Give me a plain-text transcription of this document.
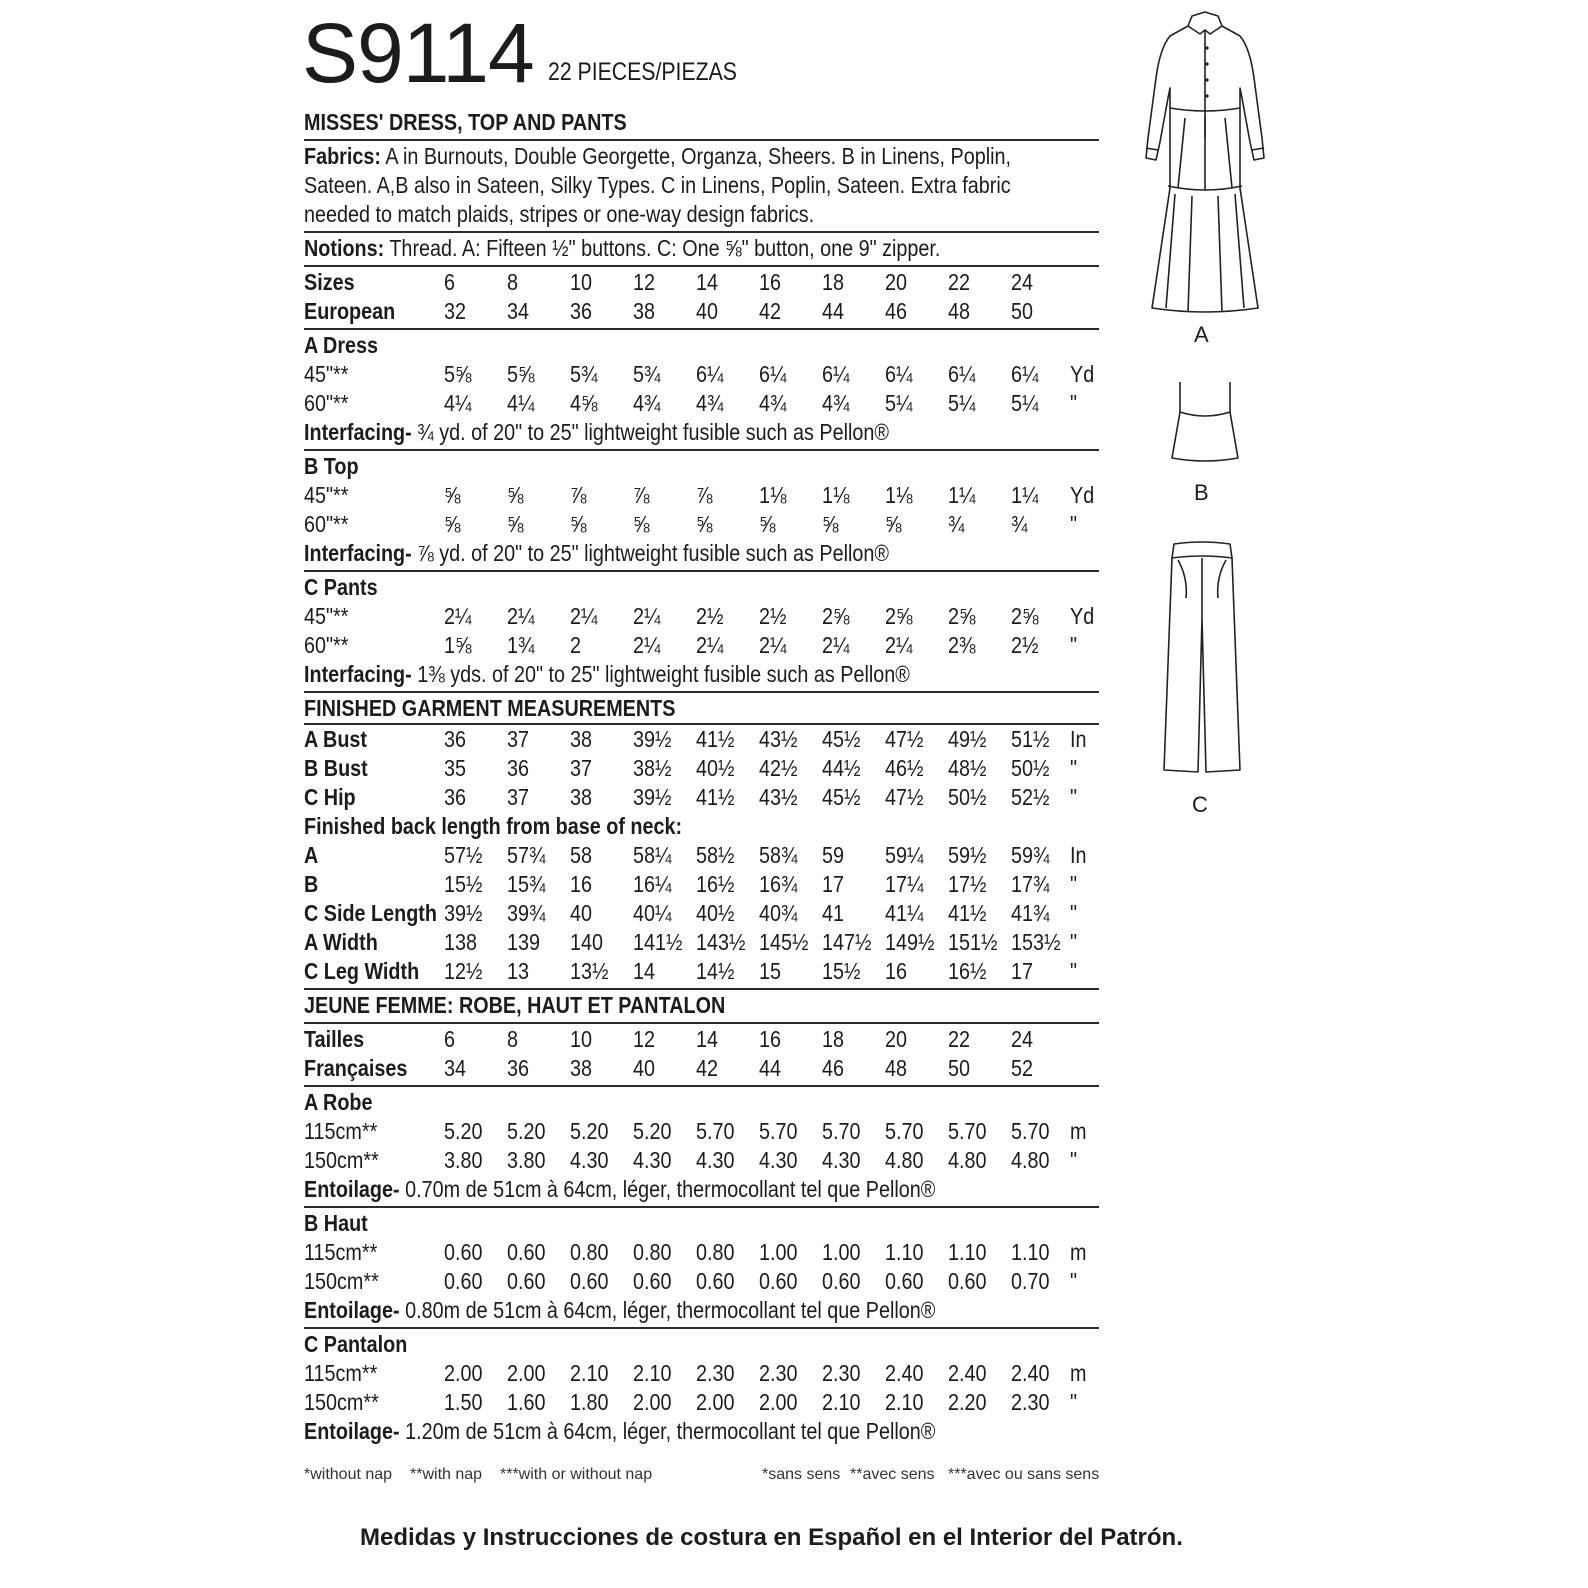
S9114 22 PIECES/PIEZAS
MISSES' DRESS, TOP AND PANTS
Fabrics: A in Burnouts, Double Georgette, Organza, Sheers. B in Linens, Poplin,
Sateen. A,B also in Sateen, Silky Types. C in Linens, Poplin, Sateen. Extra fabric
needed to match plaids, stripes or one-way design fabrics.
Notions: Thread. A: Fifteen ½" buttons. C: One ⅝" button, one 9" zipper.
Sizes	6 8 10 12 14 16 18 20 22 24
European 32 34 36 38 40 42 44 46 48 50
A Dress
45"**	5⅝ 5⅝ 5¾ 5¾ 6¼ 6¼ 6¼ 6¼ 6¼ 6¼ Yd
60"**	4¼ 4¼ 4⅝ 4¾ 4¾ 4¾ 4¾ 5¼ 5¼ 5¼ "
Interfacing- ¾ yd. of 20" to 25" lightweight fusible such as Pellon®
B Top
45"**	⅝ ⅝ ⅞ ⅞ ⅞ 1⅛ 1⅛ 1⅛ 1¼ 1¼ Yd
60"**	⅝ ⅝ ⅝ ⅝ ⅝ ⅝ ⅝ ⅝ ¾ ¾ "
Interfacing- ⅞ yd. of 20" to 25" lightweight fusible such as Pellon®
C Pants
45"**	2¼ 2¼ 2¼ 2¼ 2½ 2½ 2⅝ 2⅝ 2⅝ 2⅝ Yd
60"**	1⅝ 1¾ 2 2¼ 2¼ 2¼ 2¼ 2¼ 2⅜ 2½ "
Interfacing- 1⅜ yds. of 20" to 25" lightweight fusible such as Pellon®
FINISHED GARMENT MEASUREMENTS
A Bust	36 37 38 39½ 41½ 43½ 45½ 47½ 49½ 51½ In
B Bust	35 36 37 38½ 40½ 42½ 44½ 46½ 48½ 50½ "
C Hip	36 37 38 39½ 41½ 43½ 45½ 47½ 50½ 52½ "
Finished back length from base of neck:
A	57½ 57¾ 58 58¼ 58½ 58¾ 59 59¼ 59½ 59¾ In
B	15½ 15¾ 16 16¼ 16½ 16¾ 17 17¼ 17½ 17¾ "
C Side Length 39½ 39¾ 40 40¼ 40½ 40¾ 41 41¼ 41½ 41¾ "
A Width	138 139 140 141½ 143½ 145½ 147½ 149½ 151½ 153½ "
C Leg Width 12½ 13 13½ 14 14½ 15 15½ 16 16½ 17 "
JEUNE FEMME: ROBE, HAUT ET PANTALON
Tailles	6 8 10 12 14 16 18 20 22 24
Françaises 34 36 38 40 42 44 46 48 50 52
A Robe
115cm**	5.20 5.20 5.20 5.20 5.70 5.70 5.70 5.70 5.70 5.70 m
150cm**	3.80 3.80 4.30 4.30 4.30 4.30 4.30 4.80 4.80 4.80 "
Entoilage- 0.70m de 51cm à 64cm, léger, thermocollant tel que Pellon®
B Haut
115cm**	0.60 0.60 0.80 0.80 0.80 1.00 1.00 1.10 1.10 1.10 m
150cm**	0.60 0.60 0.60 0.60 0.60 0.60 0.60 0.60 0.60 0.70 "
Entoilage- 0.80m de 51cm à 64cm, léger, thermocollant tel que Pellon®
C Pantalon
115cm**	2.00 2.00 2.10 2.10 2.30 2.30 2.30 2.40 2.40 2.40 m
150cm**	1.50 1.60 1.80 2.00 2.00 2.00 2.10 2.10 2.20 2.30 "
Entoilage- 1.20m de 51cm à 64cm, léger, thermocollant tel que Pellon®
*without nap **with nap ***with or without nap	*sans sens **avec sens ***avec ou sans sens
Medidas y Instrucciones de costura en Español en el Interior del Patrón.
A
B
C
